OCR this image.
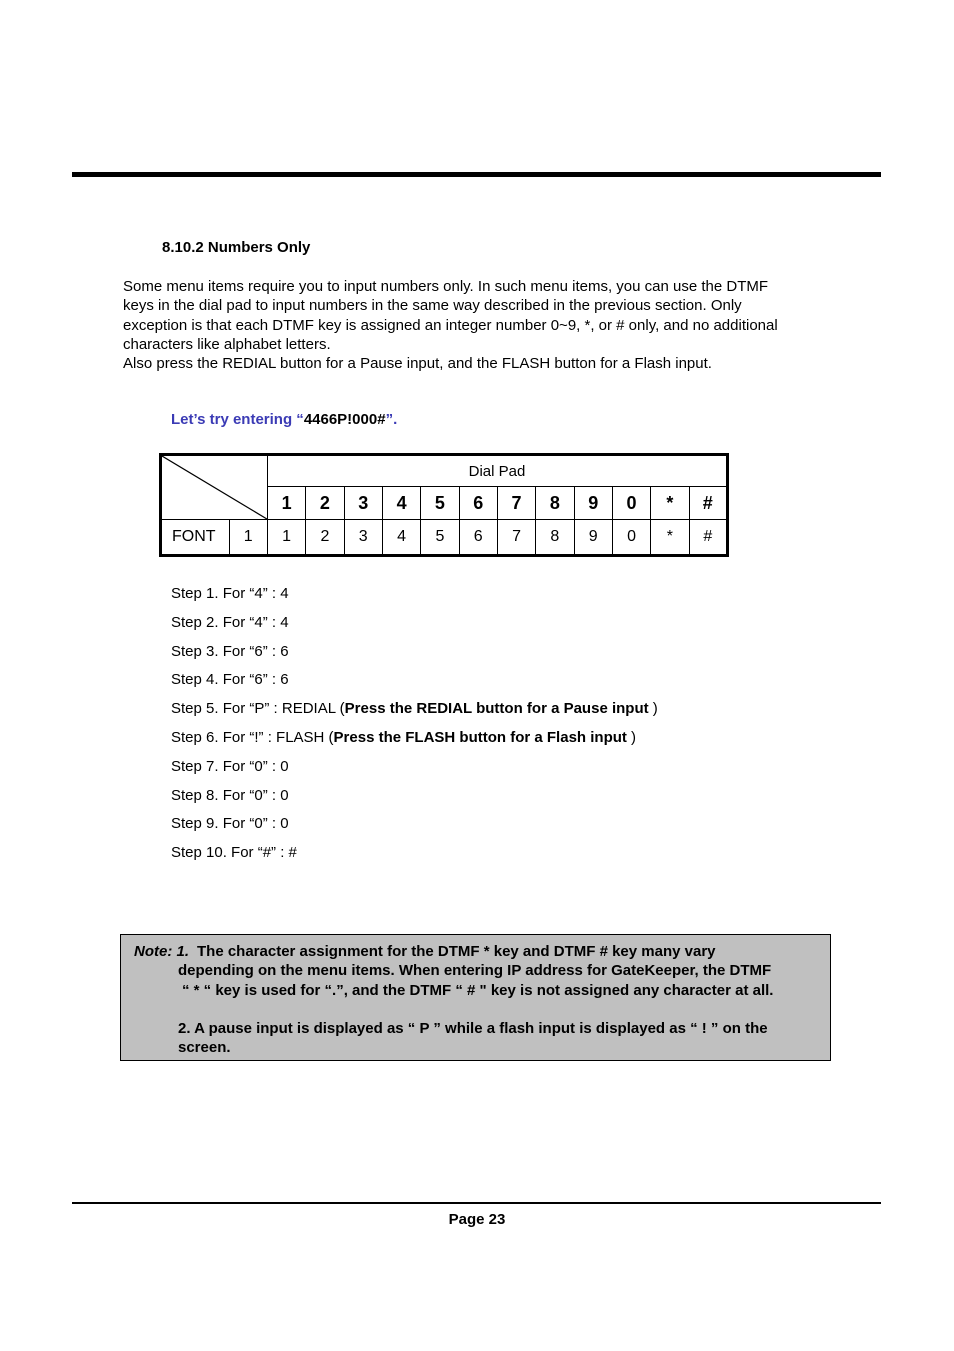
8.10.2 Numbers Only

Some menu items require you to input numbers only. In such menu items, you can use the DTMF

keys in the dial pad to input numbers in the same way described in the previous section. Only

exception is that each DTMF key is assigned an integer number 0~9, *, or # only, and no additional

characters like alphabet letters.

Also press the REDIAL button for a Pause input, and the FLASH button for a Flash input.

Let’s try entering “4466P!000#”.
	Dial Pad											
		1	2	3	4	5	6	7	8	9	0	*	#
FONT	1	1	2	3	4	5	6	7	8	9	0	*	#
Step 1. For “4” : 4
Step 2. For “4” : 4
Step 3. For “6” : 6
Step 4. For “6” : 6
Step 5. For “P” : REDIAL (Press the REDIAL button for a Pause input )
Step 6. For “!” : FLASH (Press the FLASH button for a Flash input )
Step 7. For “0” : 0
Step 8. For “0” : 0
Step 9. For “0” : 0
Step 10. For “#” : #
Note: 1. The character assignment for the DTMF * key and DTMF # key many vary
depending on the menu items. When entering IP address for GateKeeper, the DTMF
“ * “ key is used for “.”, and the DTMF “ # " key is not assigned any character at all.
2. A pause input is displayed as “ P ” while a flash input is displayed as “ ! ” on the
screen.
Page 23
